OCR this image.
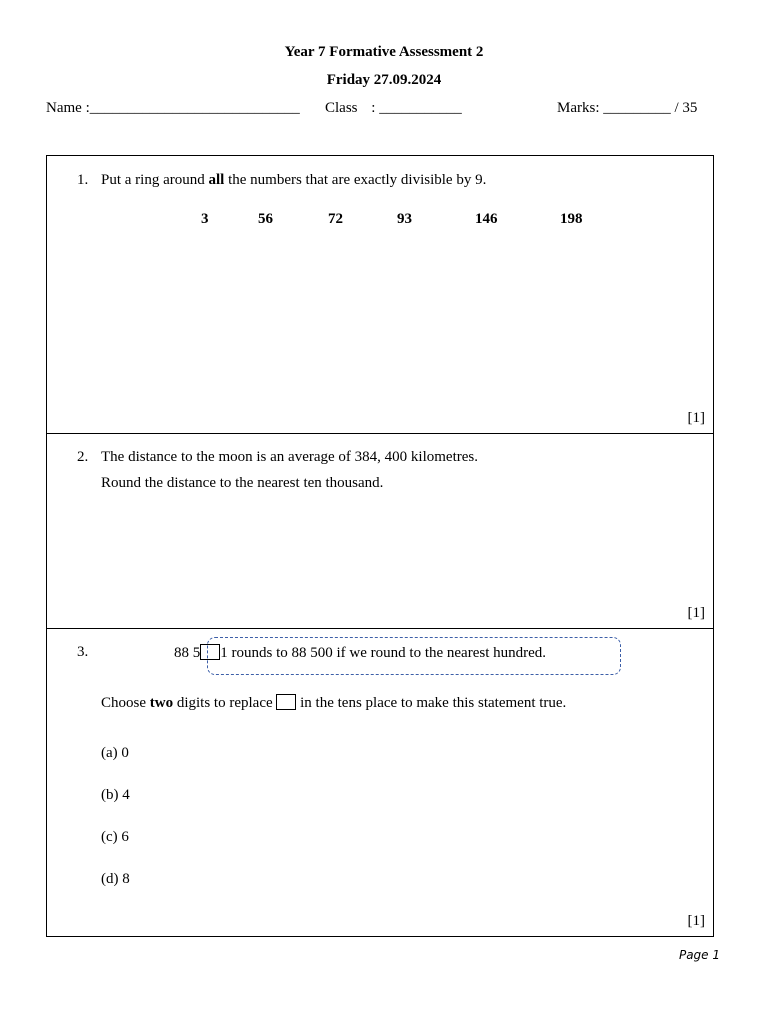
Year 7 Formative Assessment 2
Friday 27.09.2024
Name :____________________________ Class : ___________	Marks: _________ / 35
1. Put a ring around all the numbers that are exactly divisible by 9.
3	56	72	93	146	198
[1]
2. The distance to the moon is an average of 384, 400 kilometres.
Round the distance to the nearest ten thousand.
[1]
3.	88 5 1 rounds to 88 500 if we round to the nearest hundred.
Choose two digits to replace  in the tens place to make this statement true.
(a) 0
(b) 4
(c) 6
(d) 8
[1]
Page 1
